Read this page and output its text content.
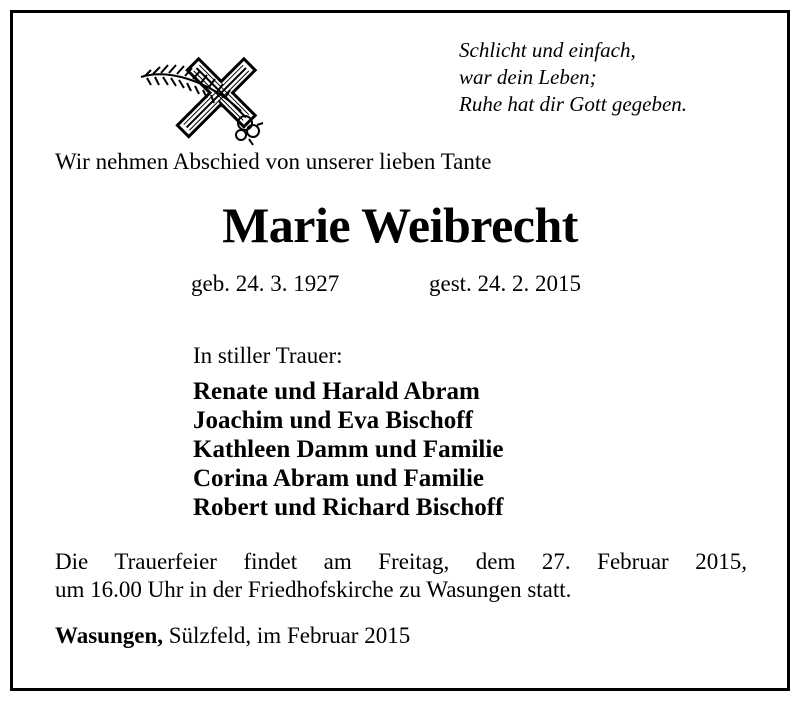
Schlicht und einfach,
war dein Leben;
Ruhe hat dir Gott gegeben.
Wir nehmen Abschied von unserer lieben Tante
Marie Weibrecht
geb. 24. 3. 1927	gest. 24. 2. 2015
In stiller Trauer:
Renate und Harald Abram
Joachim und Eva Bischoff
Kathleen Damm und Familie
Corina Abram und Familie
Robert und Richard Bischoff
Die Trauerfeier findet am Freitag, dem 27. Februar 2015,
um 16.00 Uhr in der Friedhofskirche zu Wasungen statt.
Wasungen, Sülzfeld, im Februar 2015
